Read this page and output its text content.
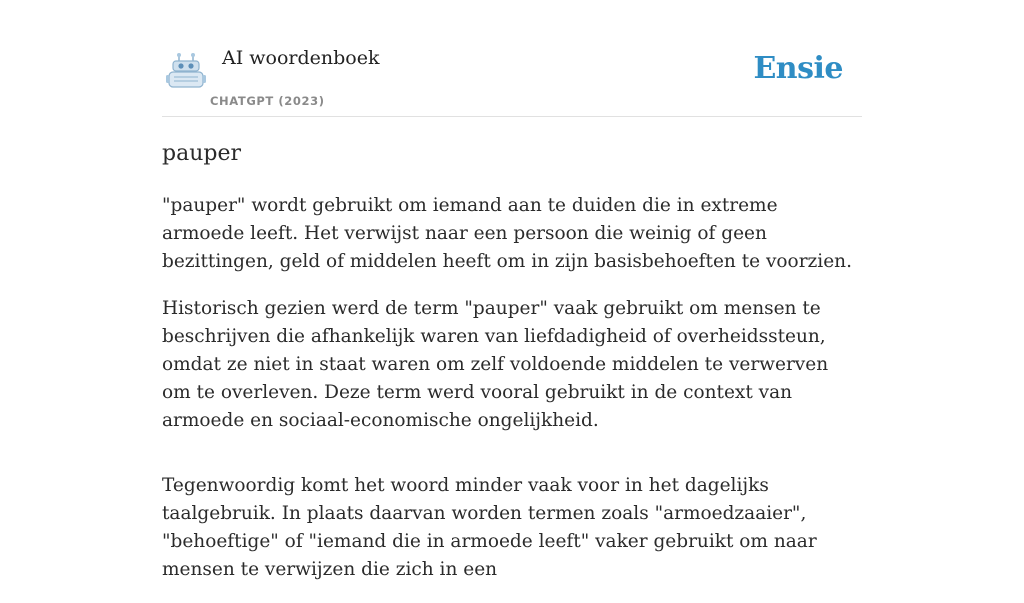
AI woordenboek
CHATGPT (2023)
Ensie
pauper

"pauper" wordt gebruikt om iemand aan te duiden die in extreme armoede leeft. Het verwijst naar een persoon die weinig of geen bezittingen, geld of middelen heeft om in zijn basisbehoeften te voorzien.

Historisch gezien werd de term "pauper" vaak gebruikt om mensen te beschrijven die afhankelijk waren van liefdadigheid of overheidssteun, omdat ze niet in staat waren om zelf voldoende middelen te verwerven om te overleven. Deze term werd vooral gebruikt in de context van armoede en sociaal-economische ongelijkheid.

Tegenwoordig komt het woord minder vaak voor in het dagelijks taalgebruik. In plaats daarvan worden termen zoals "armoedzaaier", "behoeftige" of "iemand die in armoede leeft" vaker gebruikt om naar mensen te verwijzen die zich in een
